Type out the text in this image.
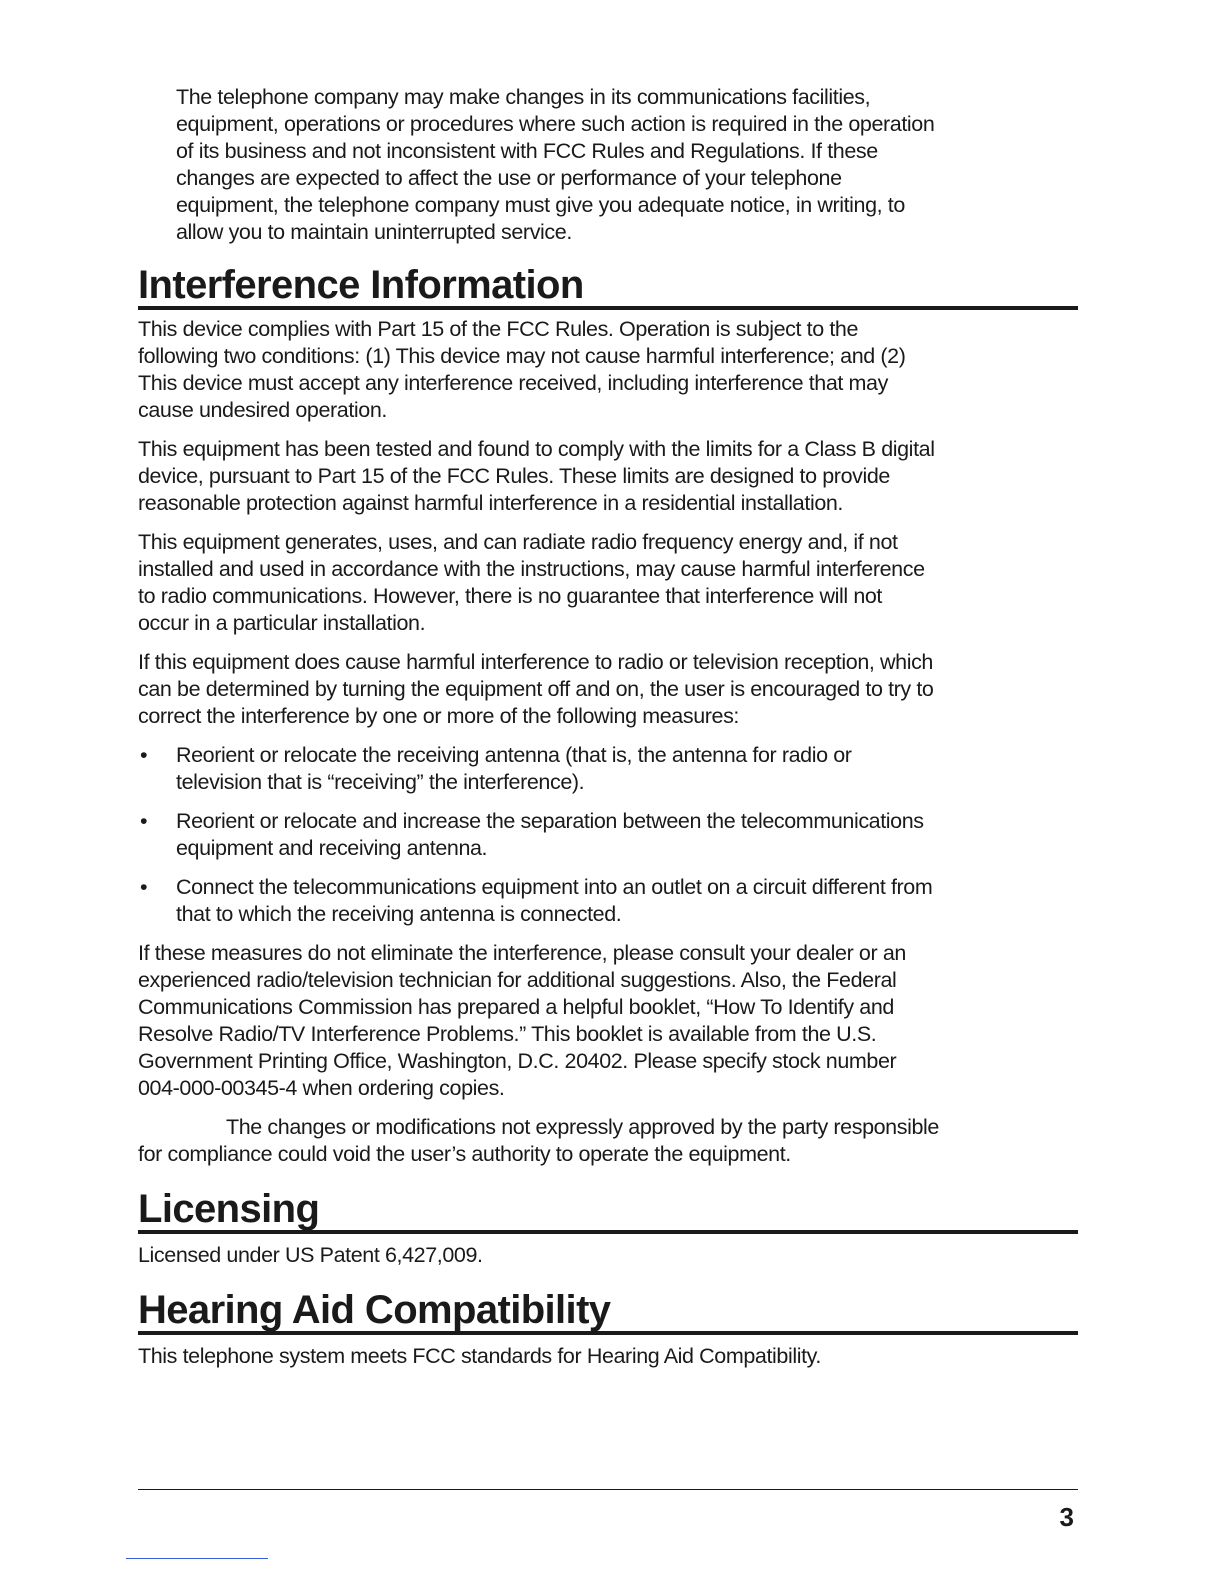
The telephone company may make changes in its communications facilities, equipment, operations or procedures where such action is required in the operation of its business and not inconsistent with FCC Rules and Regulations. If these changes are expected to affect the use or performance of your telephone equipment, the telephone company must give you adequate notice, in writing, to allow you to maintain uninterrupted service.

Interference Information

This device complies with Part 15 of the FCC Rules. Operation is subject to the following two conditions: (1) This device may not cause harmful interference; and (2) This device must accept any interference received, including interference that may cause undesired operation.

This equipment has been tested and found to comply with the limits for a Class B digital device, pursuant to Part 15 of the FCC Rules. These limits are designed to provide reasonable protection against harmful interference in a residential installation.

This equipment generates, uses, and can radiate radio frequency energy and, if not installed and used in accordance with the instructions, may cause harmful interference to radio communications. However, there is no guarantee that interference will not occur in a particular installation.

If this equipment does cause harmful interference to radio or television reception, which can be determined by turning the equipment off and on, the user is encouraged to try to correct the interference by one or more of the following measures:

• Reorient or relocate the receiving antenna (that is, the antenna for radio or television that is “receiving” the interference).

• Reorient or relocate and increase the separation between the telecommunications equipment and receiving antenna.

• Connect the telecommunications equipment into an outlet on a circuit different from that to which the receiving antenna is connected.

If these measures do not eliminate the interference, please consult your dealer or an experienced radio/television technician for additional suggestions. Also, the Federal Communications Commission has prepared a helpful booklet, “How To Identify and Resolve Radio/TV Interference Problems.” This booklet is available from the U.S. Government Printing Office, Washington, D.C. 20402. Please specify stock number 004-000-00345-4 when ordering copies.

The changes or modifications not expressly approved by the party responsible for compliance could void the user’s authority to operate the equipment.

Licensing

Licensed under US Patent 6,427,009.

Hearing Aid Compatibility

This telephone system meets FCC standards for Hearing Aid Compatibility.

3
